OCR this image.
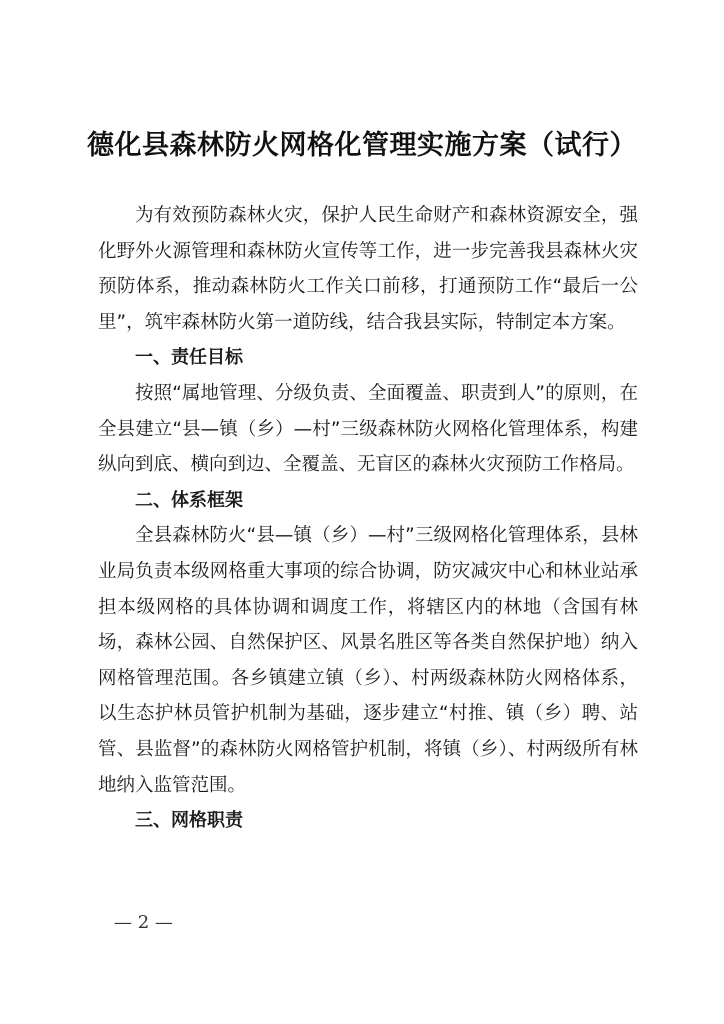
德化县森林防火网格化管理实施方案（试行）

为有效预防森林火灾，保护人民生命财产和森林资源安全，强化野外火源管理和森林防火宣传等工作，进一步完善我县森林火灾预防体系，推动森林防火工作关口前移，打通预防工作“最后一公里”，筑牢森林防火第一道防线，结合我县实际，特制定本方案。

一、责任目标

按照“属地管理、分级负责、全面覆盖、职责到人”的原则，在全县建立“县—镇（乡）—村”三级森林防火网格化管理体系，构建纵向到底、横向到边、全覆盖、无盲区的森林火灾预防工作格局。

二、体系框架

全县森林防火“县—镇（乡）—村”三级网格化管理体系，县林业局负责本级网格重大事项的综合协调，防灾减灾中心和林业站承担本级网格的具体协调和调度工作，将辖区内的林地（含国有林场，森林公园、自然保护区、风景名胜区等各类自然保护地）纳入网格管理范围。各乡镇建立镇（乡）、村两级森林防火网格体系，以生态护林员管护机制为基础，逐步建立“村推、镇（乡）聘、站管、县监督”的森林防火网格管护机制，将镇（乡）、村两级所有林地纳入监管范围。

三、网格职责

— 2 —
